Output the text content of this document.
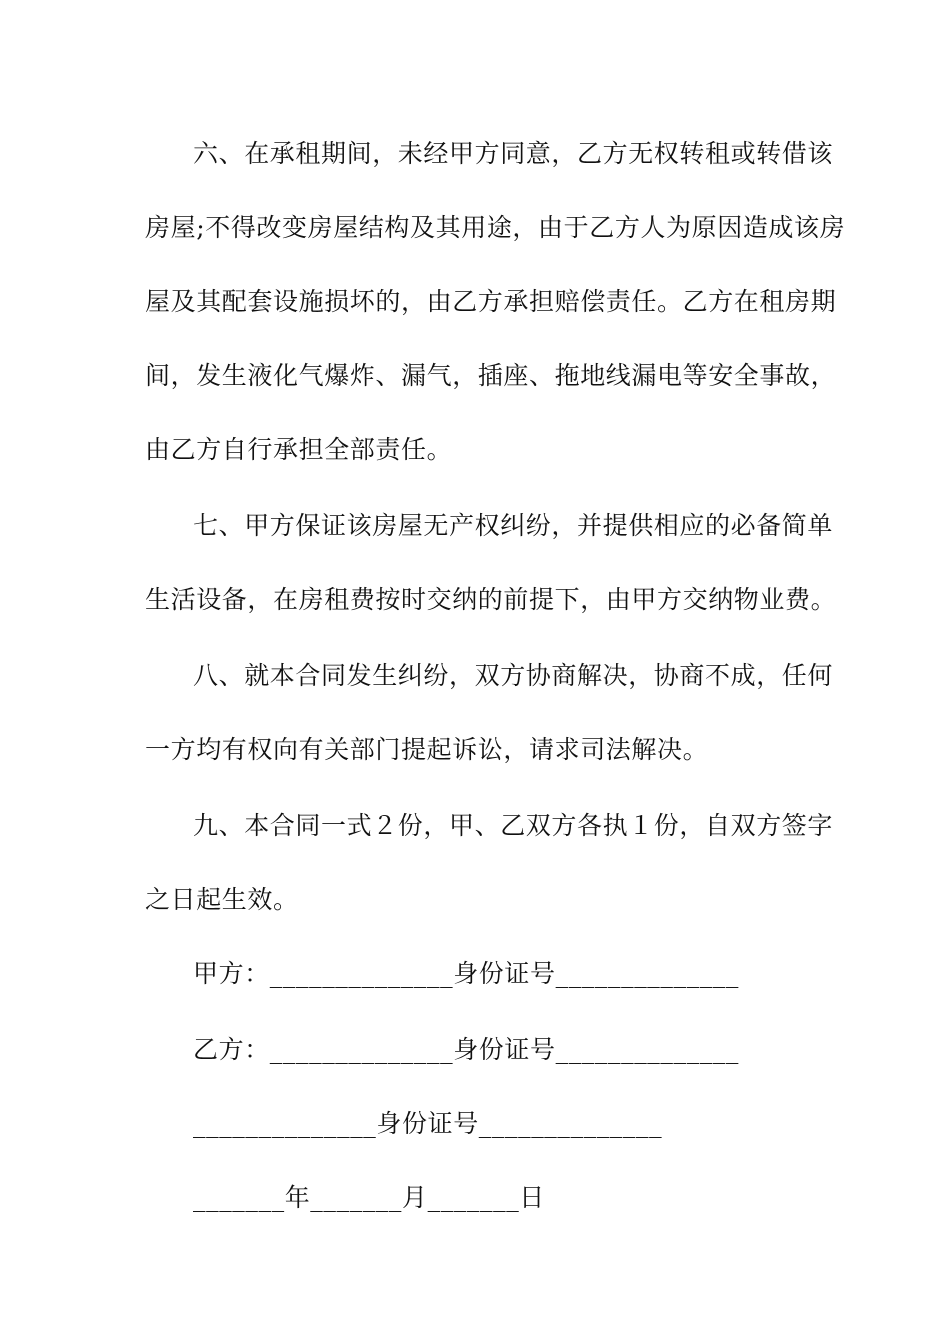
六、在承租期间，未经甲方同意，乙方无权转租或转借该
房屋;不得改变房屋结构及其用途，由于乙方人为原因造成该房
屋及其配套设施损坏的，由乙方承担赔偿责任。乙方在租房期
间，发生液化气爆炸、漏气，插座、拖地线漏电等安全事故，
由乙方自行承担全部责任。
七、甲方保证该房屋无产权纠纷，并提供相应的必备简单
生活设备，在房租费按时交纳的前提下，由甲方交纳物业费。
八、就本合同发生纠纷，双方协商解决，协商不成，任何
一方均有权向有关部门提起诉讼，请求司法解决。
九、本合同一式２份，甲、乙双方各执１份，自双方签字
之日起生效。
甲方：______________身份证号______________
乙方：______________身份证号______________
______________身份证号______________
_______年_______月_______日
